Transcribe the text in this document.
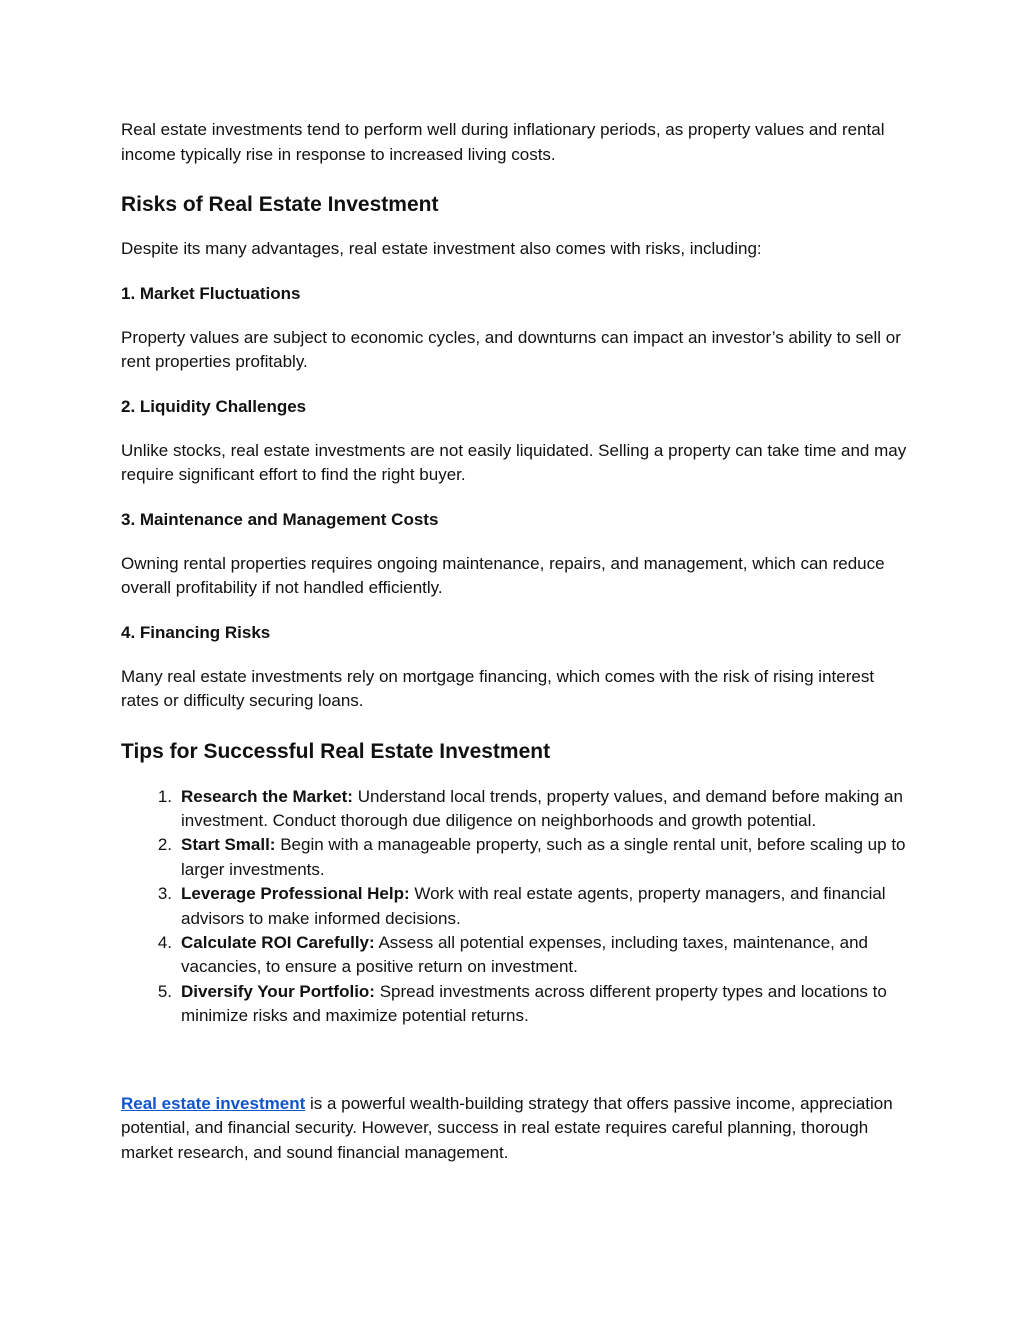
Real estate investments tend to perform well during inflationary periods, as property values and rental income typically rise in response to increased living costs.

Risks of Real Estate Investment

Despite its many advantages, real estate investment also comes with risks, including:

1. Market Fluctuations

Property values are subject to economic cycles, and downturns can impact an investor’s ability to sell or rent properties profitably.

2. Liquidity Challenges

Unlike stocks, real estate investments are not easily liquidated. Selling a property can take time and may require significant effort to find the right buyer.

3. Maintenance and Management Costs

Owning rental properties requires ongoing maintenance, repairs, and management, which can reduce overall profitability if not handled efficiently.

4. Financing Risks

Many real estate investments rely on mortgage financing, which comes with the risk of rising interest rates or difficulty securing loans.

Tips for Successful Real Estate Investment
1. Research the Market: Understand local trends, property values, and demand before making an investment. Conduct thorough due diligence on neighborhoods and growth potential.
2. Start Small: Begin with a manageable property, such as a single rental unit, before scaling up to larger investments.
3. Leverage Professional Help: Work with real estate agents, property managers, and financial advisors to make informed decisions.
4. Calculate ROI Carefully: Assess all potential expenses, including taxes, maintenance, and vacancies, to ensure a positive return on investment.
5. Diversify Your Portfolio: Spread investments across different property types and locations to minimize risks and maximize potential returns.

Real estate investment is a powerful wealth-building strategy that offers passive income, appreciation potential, and financial security. However, success in real estate requires careful planning, thorough market research, and sound financial management.
